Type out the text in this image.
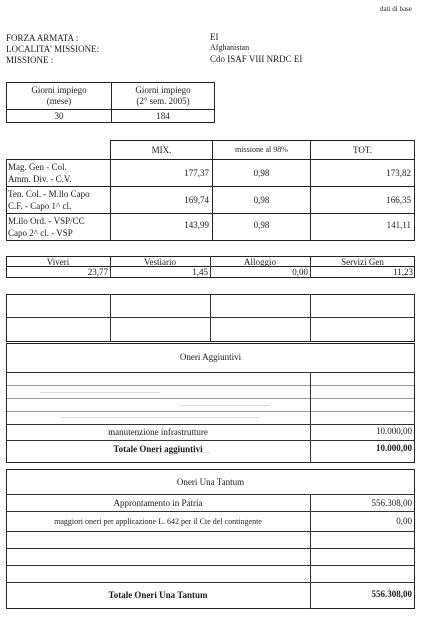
dati di base
FORZA ARMATA :	EI
LOCALITA' MISSIONE:	Afghanistan
MISSIONE :	Cdo ISAF VIII NRDC EI
Giorni impiego
(mese)
Giorni impiego
(2° sem. 2005)
30	184
MIX.	missione al 98%	TOT.
Mag. Gen - Col.
Amm. Div. - C.V.
177,37	0,98	173,82
Ten. Col. - M.llo Capo
C.F. - Capo 1^ cl.
169,74	0,98	166,35
M.llo Ord. - VSP/CC
Capo 2^ cl. - VSP
143,99	0,98	141,11
Viveri	Vestiario	Alloggio	Servizi Gen
23,77	1,45	0,00	11,23
Oneri Aggiuntivi
manutenzione infrastrutture	10.000,00
Totale Oneri aggiuntivi	10.000,00
Oneri Una Tantum
Approntamento in Patria	556.308,00
maggiori oneri per applicazione L. 642 per il Cte del contingente	0,00
Totale Oneri Una Tantum	556.308,00
